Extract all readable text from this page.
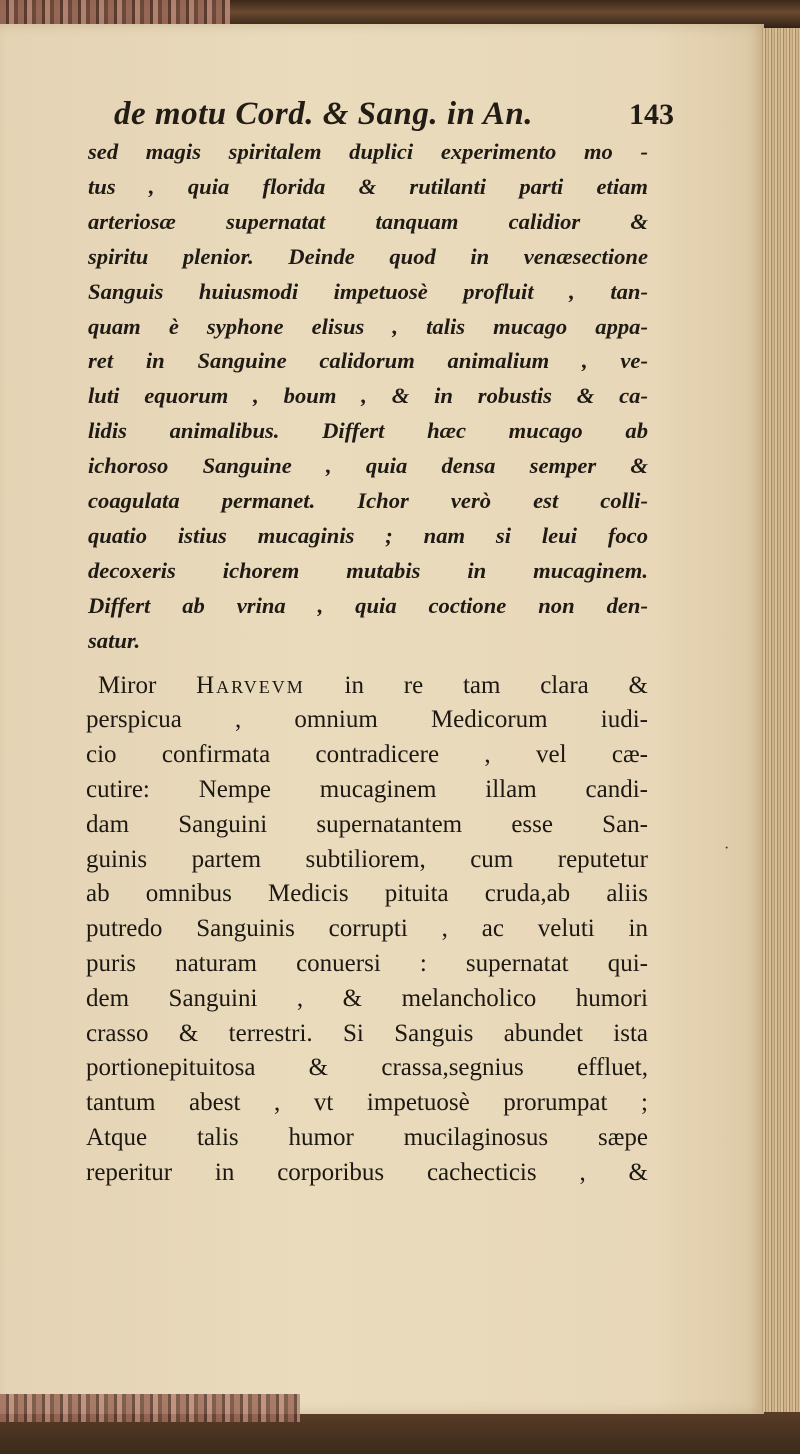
de motu Cord. & Sang. in An.	143
sed magis spiritalem duplici experimento mo -
tus , quia florida & rutilanti parti etiam
arteriosæ supernatat tanquam calidior &
spiritu plenior. Deinde quod in venæsectione
Sanguis huiusmodi impetuosè profluit , tan-
quam è syphone elisus , talis mucago appa-
ret in Sanguine calidorum animalium , ve-
luti equorum , boum , & in robustis & ca-
lidis animalibus. Differt hæc mucago ab
ichoroso Sanguine , quia densa semper &
coagulata permanet. Ichor verò est colli-
quatio istius mucaginis ; nam si leui foco
decoxeris ichorem mutabis in mucaginem.
Differt ab vrina , quia coctione non den-
satur.
Miror Harvevm in re tam clara &
perspicua , omnium Medicorum iudi-
cio confirmata contradicere , vel cæ-
cutire: Nempe mucaginem illam candi-
dam Sanguini supernatantem esse San-
guinis partem subtiliorem, cum reputetur
ab omnibus Medicis pituita cruda,ab aliis
putredo Sanguinis corrupti , ac veluti in
puris naturam conuersi : supernatat qui-
dem Sanguini , & melancholico humori
crasso & terrestri. Si Sanguis abundet ista
portionepituitosa & crassa,segnius effluet,
tantum abest , vt impetuosè prorumpat ;
Atque talis humor mucilaginosus sæpe
reperitur in corporibus cachecticis , &
·
